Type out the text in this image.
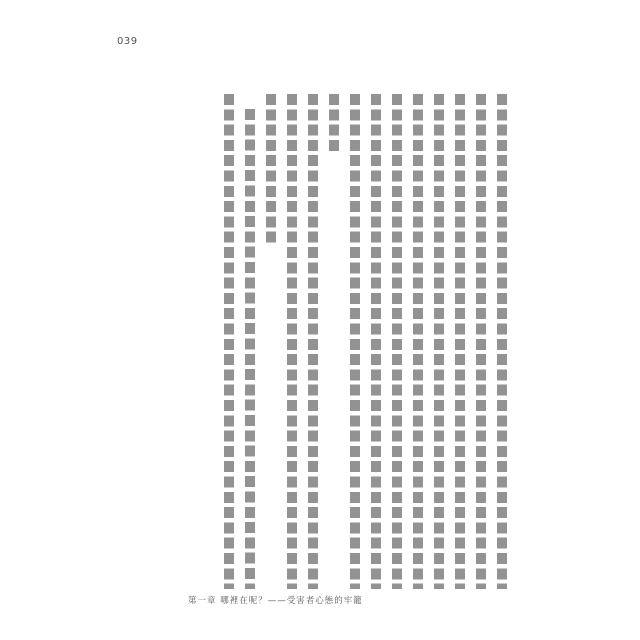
039
第一章 哪裡在呢？——受害者心態的牢籠
